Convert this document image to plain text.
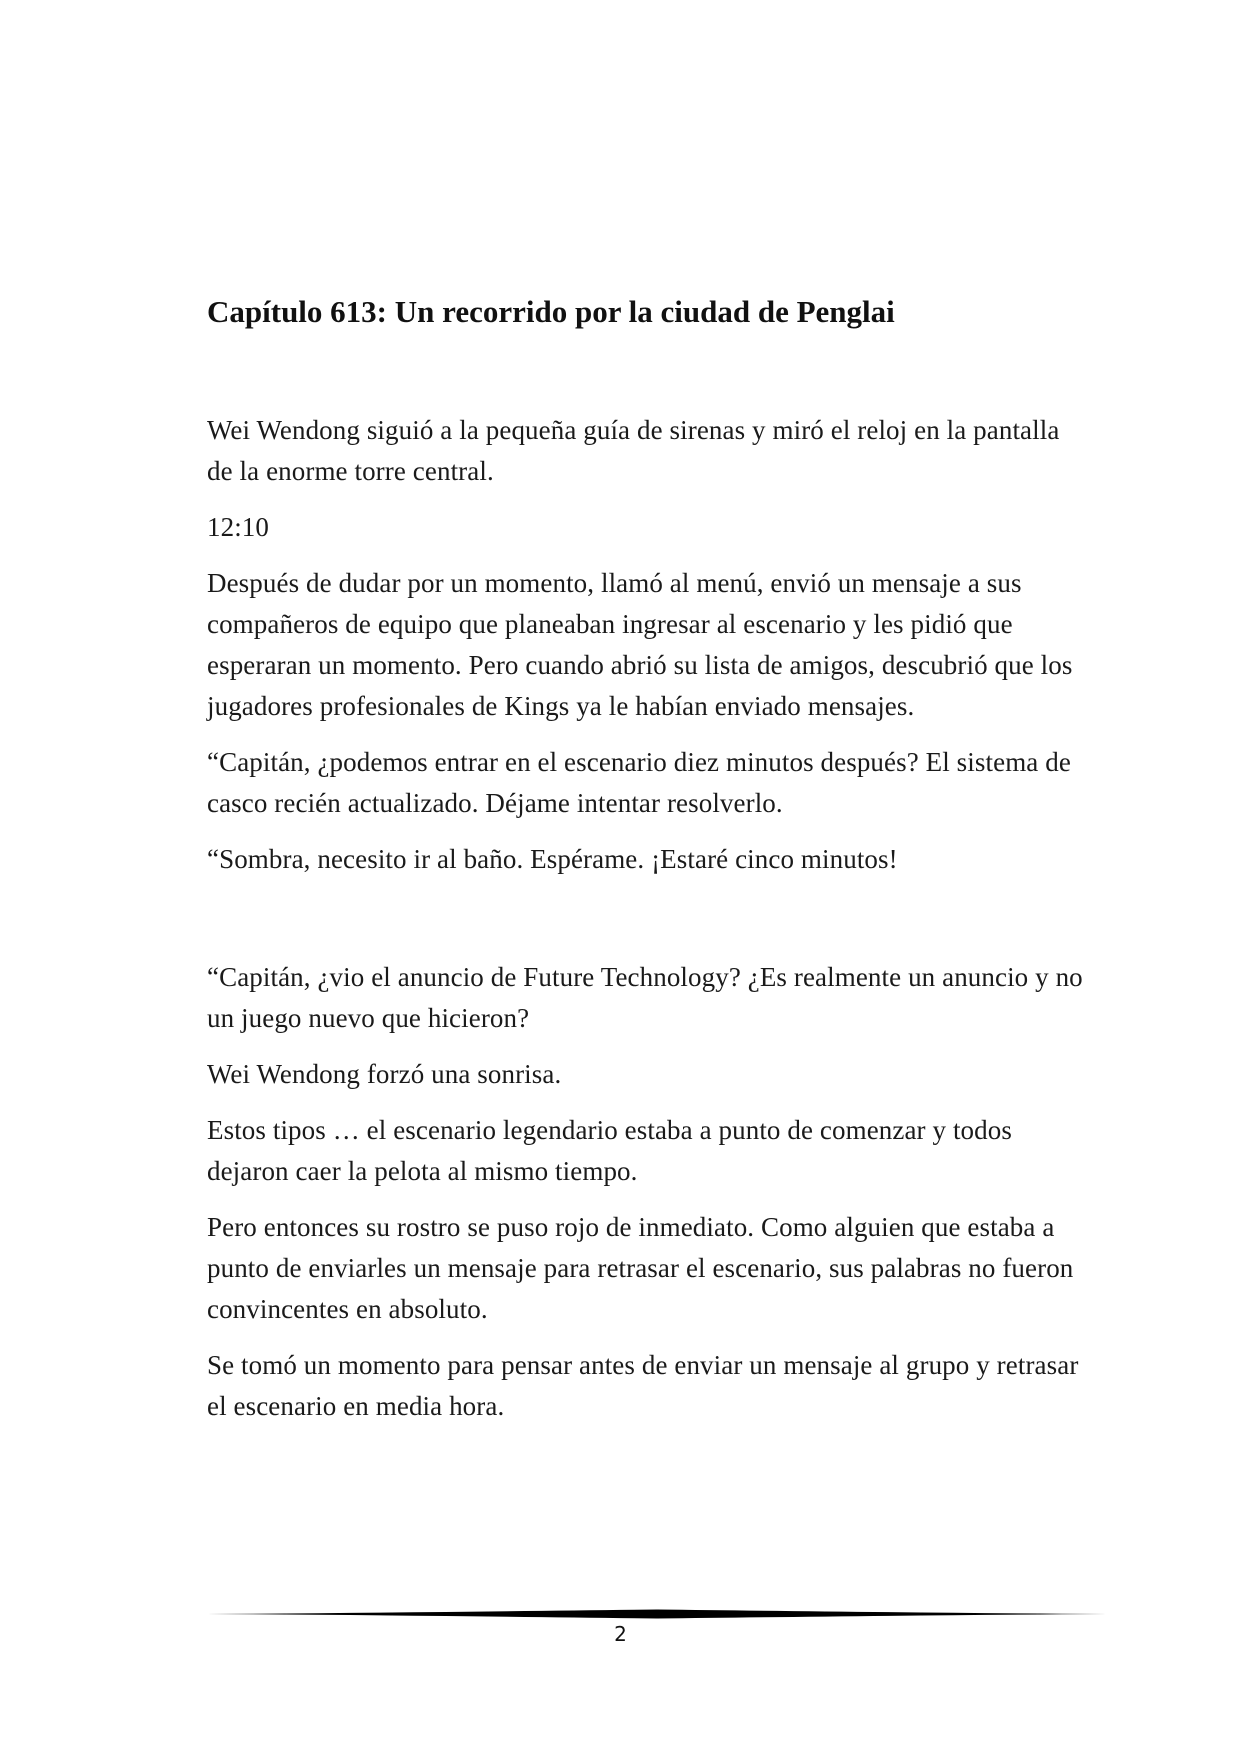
Capítulo 613: Un recorrido por la ciudad de Penglai

Wei Wendong siguió a la pequeña guía de sirenas y miró el reloj en la pantalla de la enorme torre central.

12:10

Después de dudar por un momento, llamó al menú, envió un mensaje a sus compañeros de equipo que planeaban ingresar al escenario y les pidió que esperaran un momento. Pero cuando abrió su lista de amigos, descubrió que los jugadores profesionales de Kings ya le habían enviado mensajes.

“Capitán, ¿podemos entrar en el escenario diez minutos después? El sistema de casco recién actualizado. Déjame intentar resolverlo.

“Sombra, necesito ir al baño. Espérame. ¡Estaré cinco minutos!

“Capitán, ¿vio el anuncio de Future Technology? ¿Es realmente un anuncio y no un juego nuevo que hicieron?

Wei Wendong forzó una sonrisa.

Estos tipos … el escenario legendario estaba a punto de comenzar y todos dejaron caer la pelota al mismo tiempo.

Pero entonces su rostro se puso rojo de inmediato. Como alguien que estaba a punto de enviarles un mensaje para retrasar el escenario, sus palabras no fueron convincentes en absoluto.

Se tomó un momento para pensar antes de enviar un mensaje al grupo y retrasar el escenario en media hora.

2
